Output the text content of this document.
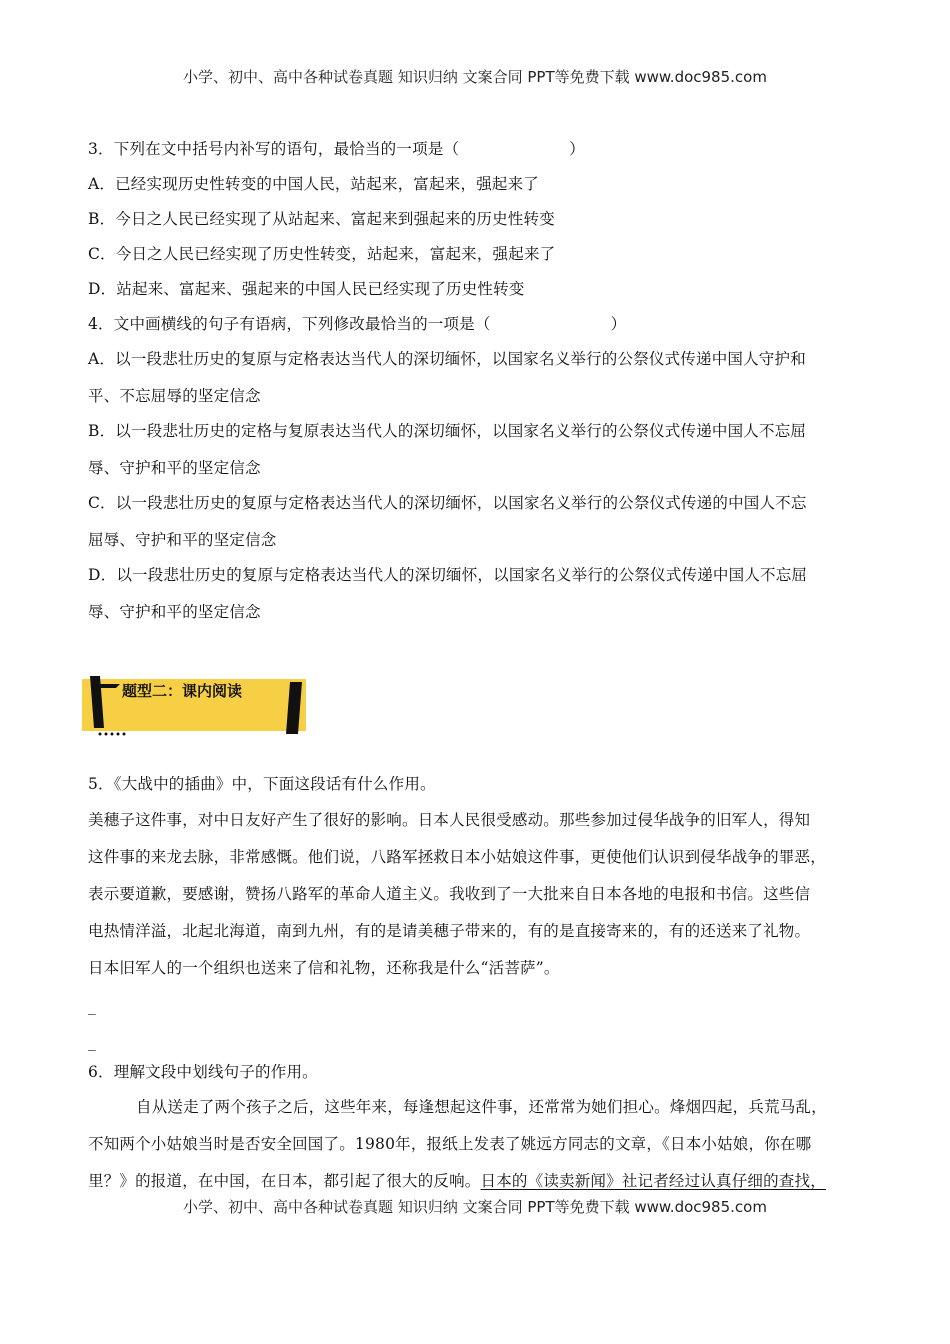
小学、初中、高中各种试卷真题 知识归纳 文案合同 PPT等免费下载 www.doc985.com
3．下列在文中括号内补写的语句，最恰当的一项是（	）
A．已经实现历史性转变的中国人民，站起来，富起来，强起来了
B．今日之人民已经实现了从站起来、富起来到强起来的历史性转变
C．今日之人民已经实现了历史性转变，站起来，富起来，强起来了
D．站起来、富起来、强起来的中国人民已经实现了历史性转变
4．文中画横线的句子有语病，下列修改最恰当的一项是（	）
A．以一段悲壮历史的复原与定格表达当代人的深切缅怀，以国家名义举行的公祭仪式传递中国人守护和
平、不忘屈辱的坚定信念
B．以一段悲壮历史的定格与复原表达当代人的深切缅怀，以国家名义举行的公祭仪式传递中国人不忘屈
辱、守护和平的坚定信念
C．以一段悲壮历史的复原与定格表达当代人的深切缅怀，以国家名义举行的公祭仪式传递的中国人不忘
屈辱、守护和平的坚定信念
D．以一段悲壮历史的复原与定格表达当代人的深切缅怀，以国家名义举行的公祭仪式传递中国人不忘屈
辱、守护和平的坚定信念
题型二：课内阅读
5．《大战中的插曲》中，下面这段话有什么作用。
美穗子这件事，对中日友好产生了很好的影响。日本人民很受感动。那些参加过侵华战争的旧军人，得知
这件事的来龙去脉，非常感慨。他们说，八路军拯救日本小姑娘这件事，更使他们认识到侵华战争的罪恶，
表示要道歉，要感谢，赞扬八路军的革命人道主义。我收到了一大批来自日本各地的电报和书信。这些信
电热情洋溢，北起北海道，南到九州，有的是请美穗子带来的，有的是直接寄来的，有的还送来了礼物。
日本旧军人的一个组织也送来了信和礼物，还称我是什么“活菩萨”。
_
_
6．理解文段中划线句子的作用。
自从送走了两个孩子之后，这些年来，每逢想起这件事，还常常为她们担心。烽烟四起，兵荒马乱，
不知两个小姑娘当时是否安全回国了。1980年，报纸上发表了姚远方同志的文章，《日本小姑娘，你在哪
里？》的报道，在中国，在日本，都引起了很大的反响。日本的《读卖新闻》社记者经过认真仔细的查找，
小学、初中、高中各种试卷真题 知识归纳 文案合同 PPT等免费下载 www.doc985.com
